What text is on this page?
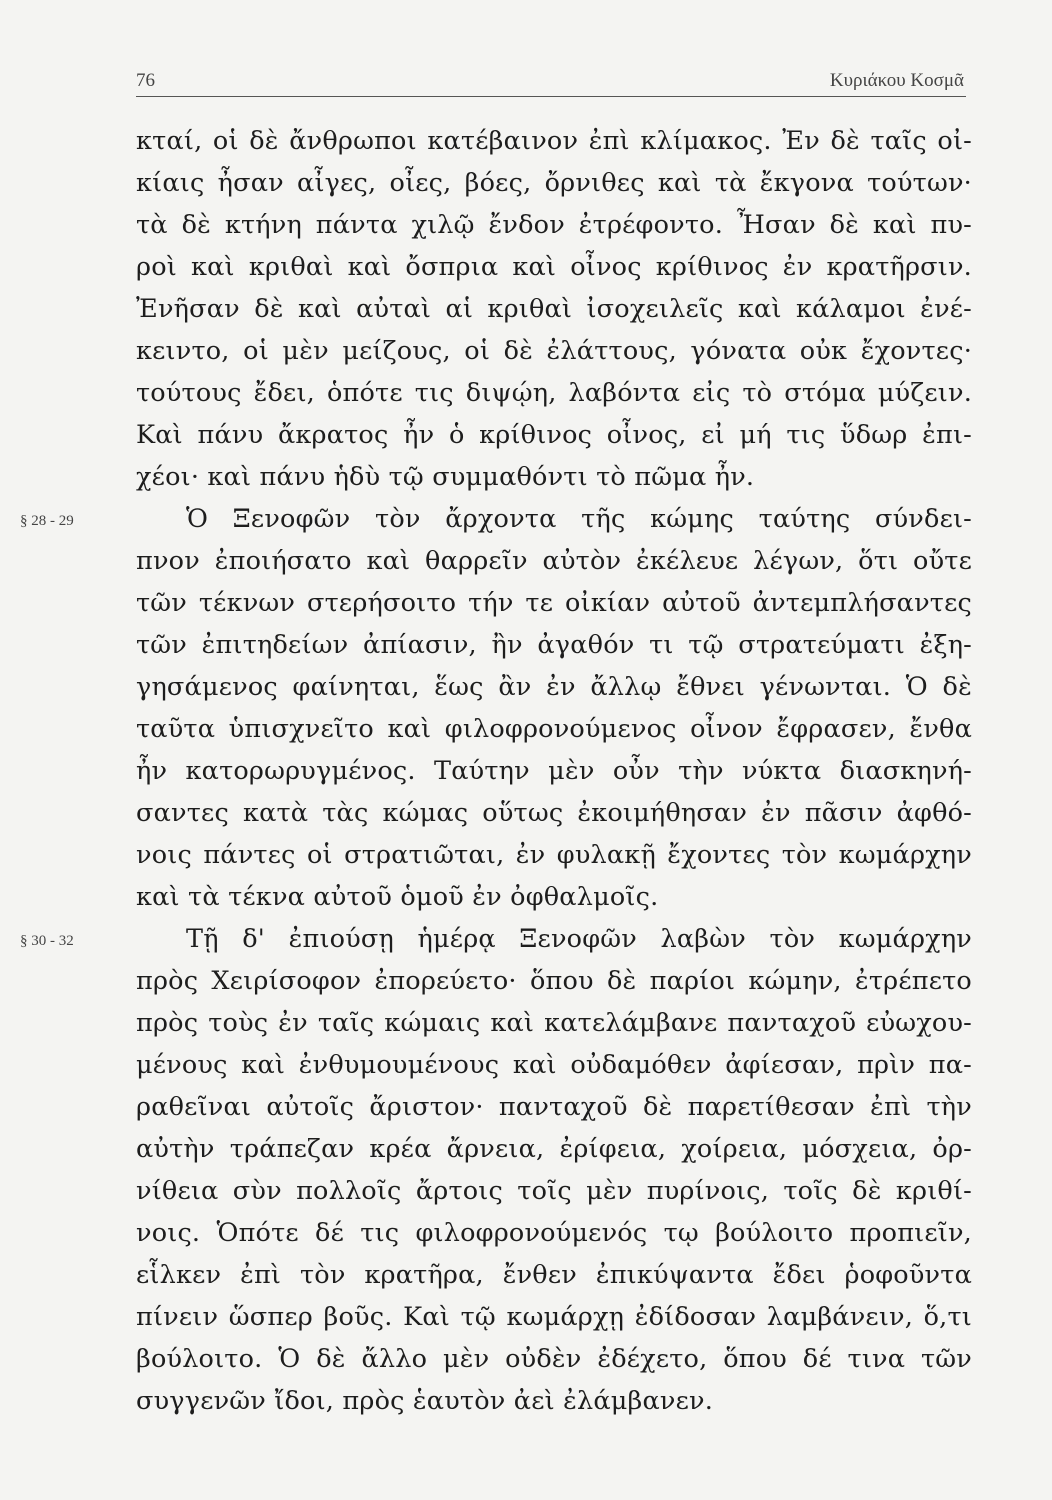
76	Κυριάκου Κοσμᾶ
κταί, οἱ δὲ ἄνθρωποι κατέβαινον ἐπὶ κλίμακος. Ἐν δὲ ταῖς οἰ-
κίαις ἦσαν αἶγες, οἶες, βόες, ὄρνιθες καὶ τὰ ἔκγονα τούτων·
τὰ δὲ κτήνη πάντα χιλῷ ἔνδον ἐτρέφοντο. Ἦσαν δὲ καὶ πυ-
ροὶ καὶ κριθαὶ καὶ ὄσπρια καὶ οἶνος κρίθινος ἐν κρατῆρσιν.
Ἐνῆσαν δὲ καὶ αὐταὶ αἱ κριθαὶ ἰσοχειλεῖς καὶ κάλαμοι ἐνέ-
κειντο, οἱ μὲν μείζους, οἱ δὲ ἐλάττους, γόνατα οὐκ ἔχοντες·
τούτους ἔδει, ὁπότε τις διψῴη, λαβόντα εἰς τὸ στόμα μύζειν.
Καὶ πάνυ ἄκρατος ἦν ὁ κρίθινος οἶνος, εἰ μή τις ὕδωρ ἐπι-
χέοι· καὶ πάνυ ἡδὺ τῷ συμμαθόντι τὸ πῶμα ἦν.
§ 28 - 29	Ὁ Ξενοφῶν τὸν ἄρχοντα τῆς κώμης ταύτης σύνδει-
πνον ἐποιήσατο καὶ θαρρεῖν αὐτὸν ἐκέλευε λέγων, ὅτι οὔτε
τῶν τέκνων στερήσοιτο τήν τε οἰκίαν αὐτοῦ ἀντεμπλήσαντες
τῶν ἐπιτηδείων ἀπίασιν, ἢν ἀγαθόν τι τῷ στρατεύματι ἐξη-
γησάμενος φαίνηται, ἕως ἂν ἐν ἄλλῳ ἔθνει γένωνται. Ὁ δὲ
ταῦτα ὑπισχνεῖτο καὶ φιλοφρονούμενος οἶνον ἔφρασεν, ἔνθα
ἦν κατορωρυγμένος. Ταύτην μὲν οὖν τὴν νύκτα διασκηνή-
σαντες κατὰ τὰς κώμας οὕτως ἐκοιμήθησαν ἐν πᾶσιν ἀφθό-
νοις πάντες οἱ στρατιῶται, ἐν φυλακῇ ἔχοντες τὸν κωμάρχην
καὶ τὰ τέκνα αὐτοῦ ὁμοῦ ἐν ὀφθαλμοῖς.
§ 30 - 32	Τῇ δ' ἐπιούσῃ ἡμέρᾳ Ξενοφῶν λαβὼν τὸν κωμάρχην
πρὸς Χειρίσοφον ἐπορεύετο· ὅπου δὲ παρίοι κώμην, ἐτρέπετο
πρὸς τοὺς ἐν ταῖς κώμαις καὶ κατελάμβανε πανταχοῦ εὐωχου-
μένους καὶ ἐνθυμουμένους καὶ οὐδαμόθεν ἀφίεσαν, πρὶν πα-
ραθεῖναι αὐτοῖς ἄριστον· πανταχοῦ δὲ παρετίθεσαν ἐπὶ τὴν
αὐτὴν τράπεζαν κρέα ἄρνεια, ἐρίφεια, χοίρεια, μόσχεια, ὀρ-
νίθεια σὺν πολλοῖς ἄρτοις τοῖς μὲν πυρίνοις, τοῖς δὲ κριθί-
νοις. Ὁπότε δέ τις φιλοφρονούμενός τῳ βούλοιτο προπιεῖν,
εἷλκεν ἐπὶ τὸν κρατῆρα, ἔνθεν ἐπικύψαντα ἔδει ῥοφοῦντα
πίνειν ὥσπερ βοῦς. Καὶ τῷ κωμάρχῃ ἐδίδοσαν λαμβάνειν, ὅ,τι
βούλοιτο. Ὁ δὲ ἄλλο μὲν οὐδὲν ἐδέχετο, ὅπου δέ τινα τῶν
συγγενῶν ἴδοι, πρὸς ἑαυτὸν ἀεὶ ἐλάμβανεν.
